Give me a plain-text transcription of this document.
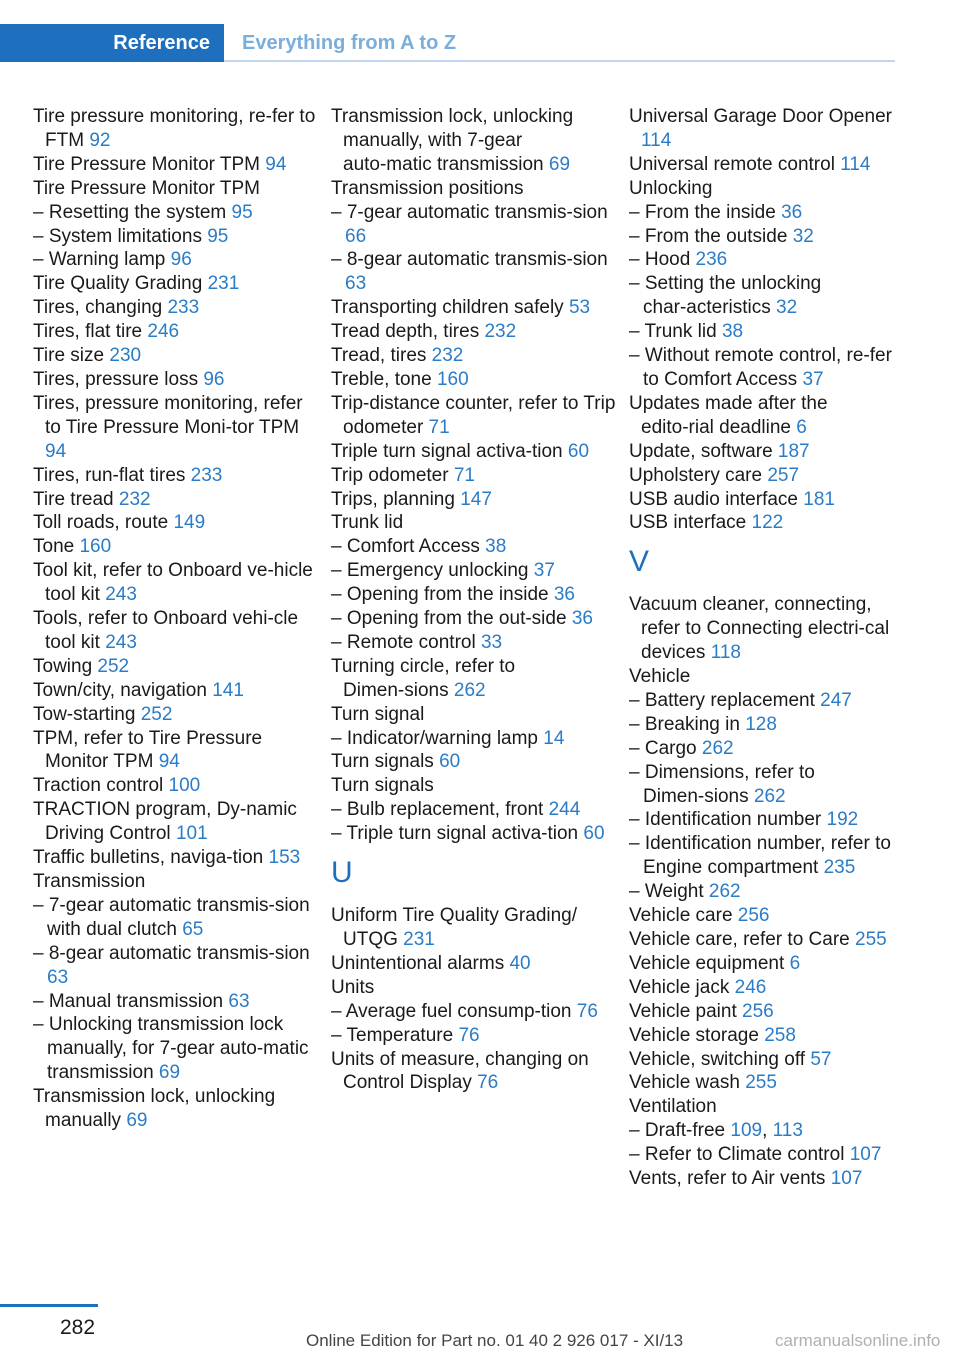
Reference	Everything from A to Z
Tire pressure monitoring, re‑fer to FTM 92
Tire Pressure Monitor TPM 94
Tire Pressure Monitor TPM
– Resetting the system 95
– System limitations 95
– Warning lamp 96
Tire Quality Grading 231
Tires, changing 233
Tires, flat tire 246
Tire size 230
Tires, pressure loss 96
Tires, pressure monitoring, refer to Tire Pressure Moni‑tor TPM 94
Tires, run‑flat tires 233
Tire tread 232
Toll roads, route 149
Tone 160
Tool kit, refer to Onboard ve‑hicle tool kit 243
Tools, refer to Onboard vehi‑cle tool kit 243
Towing 252
Town/city, navigation 141
Tow‑starting 252
TPM, refer to Tire Pressure Monitor TPM 94
Traction control 100
TRACTION program, Dy‑namic Driving Control 101
Traffic bulletins, naviga‑tion 153
Transmission
– 7‑gear automatic transmis‑sion with dual clutch 65
– 8‑gear automatic transmis‑sion 63
– Manual transmission 63
– Unlocking transmission lock manually, for 7‑gear auto‑matic transmission 69
Transmission lock, unlocking manually 69
Transmission lock, unlocking manually, with 7‑gear auto‑matic transmission 69
Transmission positions
– 7‑gear automatic transmis‑sion 66
– 8‑gear automatic transmis‑sion 63
Transporting children safely 53
Tread depth, tires 232
Tread, tires 232
Treble, tone 160
Trip‑distance counter, refer to Trip odometer 71
Triple turn signal activa‑tion 60
Trip odometer 71
Trips, planning 147
Trunk lid
– Comfort Access 38
– Emergency unlocking 37
– Opening from the inside 36
– Opening from the out‑side 36
– Remote control 33
Turning circle, refer to Dimen‑sions 262
Turn signal
– Indicator/warning lamp 14
Turn signals 60
Turn signals
– Bulb replacement, front 244
– Triple turn signal activa‑tion 60
U
Uniform Tire Quality Grading/ UTQG 231
Unintentional alarms 40
Units
– Average fuel consump‑tion 76
– Temperature 76
Units of measure, changing on Control Display 76
Universal Garage Door Opener 114
Universal remote control 114
Unlocking
– From the inside 36
– From the outside 32
– Hood 236
– Setting the unlocking char‑acteristics 32
– Trunk lid 38
– Without remote control, re‑fer to Comfort Access 37
Updates made after the edito‑rial deadline 6
Update, software 187
Upholstery care 257
USB audio interface 181
USB interface 122
V
Vacuum cleaner, connecting, refer to Connecting electri‑cal devices 118
Vehicle
– Battery replacement 247
– Breaking in 128
– Cargo 262
– Dimensions, refer to Dimen‑sions 262
– Identification number 192
– Identification number, refer to Engine compartment 235
– Weight 262
Vehicle care 256
Vehicle care, refer to Care 255
Vehicle equipment 6
Vehicle jack 246
Vehicle paint 256
Vehicle storage 258
Vehicle, switching off 57
Vehicle wash 255
Ventilation
– Draft‑free 109, 113
– Refer to Climate control 107
Vents, refer to Air vents 107
282
Online Edition for Part no. 01 40 2 926 017 - XI/13	carmanualsonline.info
